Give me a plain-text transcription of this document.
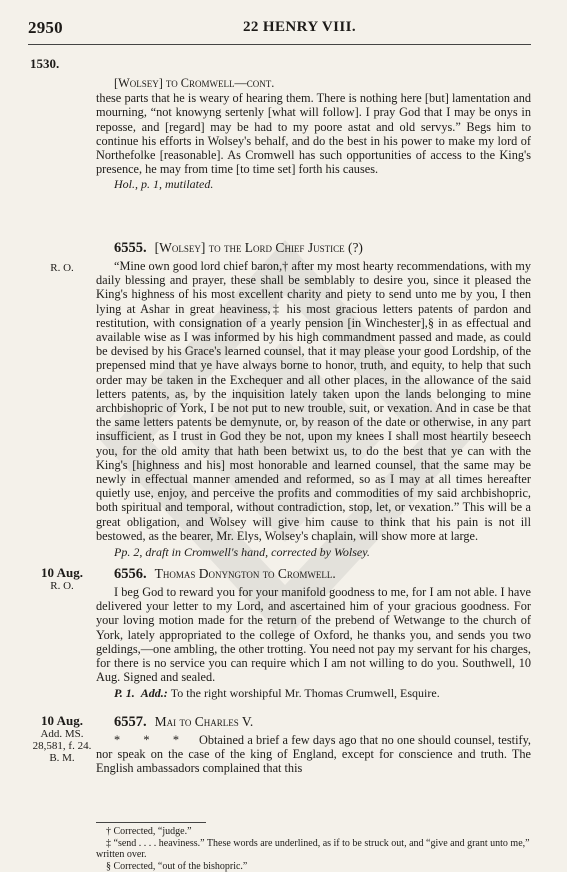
2950	22 HENRY VIII.
1530.

[Wolsey] to Cromwell—cont.

these parts that he is weary of hearing them. There is nothing here [but] lamentation and mourning, “not knowyng sertenly [what will follow]. I pray God that I may be onys in reposse, and [regard] may be had to my poore astat and old servys.” Begs him to continue his efforts in Wolsey's behalf, and do the best in his power to make my lord of Northefolke [reasonable]. As Cromwell has such opportunities of access to the King's presence, he may from time [to time set] forth his causes.

Hol., p. 1, mutilated.

R. O.

6555. [Wolsey] to the Lord Chief Justice (?)

“Mine own good lord chief baron,† after my most hearty recommendations, with my daily blessing and prayer, these shall be semblably to desire you, since it pleased the King's highness of his most excellent charity and piety to send unto me by you, I then lying at Ashar in great heaviness,‡ his most gracious letters patents of pardon and restitution, with consignation of a yearly pension [in Winchester],§ in as effectual and available wise as I was informed by his high commandment passed and made, as could be devised by his Grace's learned counsel, that it may please your good Lordship, of the prepensed mind that ye have always borne to honor, truth, and equity, to help that such order may be taken in the Exchequer and all other places, in the allowance of the said letters patents, as, by the inquisition lately taken upon the lands belonging to mine archbishopric of York, I be not put to new trouble, suit, or vexation. And in case be that the same letters patents be demynute, or, by reason of the date or otherwise, in any part insufficient, as I trust in God they be not, upon my knees I shall most heartily beseech you, for the old amity that hath been betwixt us, to do the best that ye can with the King's [highness and his] most honorable and learned counsel, that the same may be newly in effectual manner amended and reformed, so as I may at all times hereafter quietly use, enjoy, and perceive the profits and commodities of my said archbishopric, both spiritual and temporal, without contradiction, stop, let, or vexation.” This will be a great obligation, and Wolsey will give him cause to think that his pain is not ill bestowed, as the bearer, Mr. Elys, Wolsey's chaplain, will show more at large.

Pp. 2, draft in Cromwell's hand, corrected by Wolsey.

10 Aug.
R. O.

6556. Thomas Donyngton to Cromwell.

I beg God to reward you for your manifold goodness to me, for I am not able. I have delivered your letter to my Lord, and ascertained him of your gracious goodness. For your loving motion made for the return of the prebend of Wetwange to the church of York, lately appropriated to the college of Oxford, he thanks you, and sends you two geldings,—one ambling, the other trotting. You need not pay my servant for his charges, for there is no service you can require which I am not willing to do you. Southwell, 10 Aug. Signed and sealed.

P. 1. Add.: To the right worshipful Mr. Thomas Crumwell, Esquire.

10 Aug.
Add. MS.
28,581, f. 24.
B. M.

6557. Mai to Charles V.

* * * Obtained a brief a few days ago that no one should counsel, testify, nor speak on the case of the king of England, except for conscience and truth. The English ambassadors complained that this

† Corrected, “judge.”

‡ “send . . . . heaviness.” These words are underlined, as if to be struck out, and “give and grant unto me,” written over.

§ Corrected, “out of the bishopric.”
